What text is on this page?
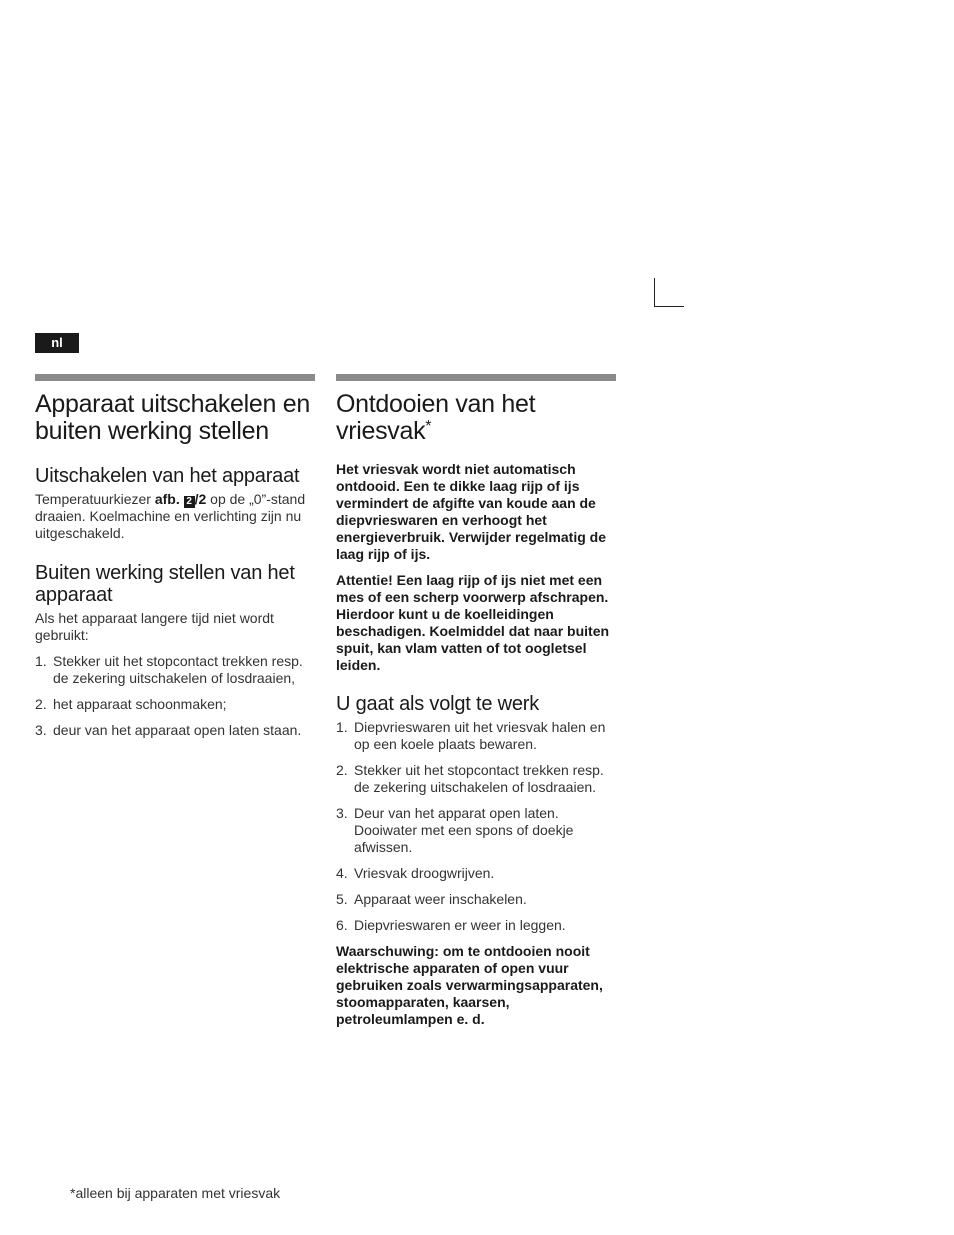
nl
Apparaat uitschakelen en buiten werking stellen
Uitschakelen van het apparaat

Temperatuurkiezer afb. 2 /2 op de „0”-stand draaien. Koelmachine en verlichting zijn nu uitgeschakeld.

Buiten werking stellen van het apparaat

Als het apparaat langere tijd niet wordt gebruikt:

1. Stekker uit het stopcontact trekken resp. de zekering uitschakelen of losdraaien,
2. het apparaat schoonmaken;
3. deur van het apparaat open laten staan.
Ontdooien van het vriesvak*

Het vriesvak wordt niet automatisch ontdooid. Een te dikke laag rijp of ijs vermindert de afgifte van koude aan de diepvrieswaren en verhoogt het energieverbruik. Verwijder regelmatig de laag rijp of ijs.

Attentie! Een laag rijp of ijs niet met een mes of een scherp voorwerp afschrapen. Hierdoor kunt u de koelleidingen beschadigen. Koelmiddel dat naar buiten spuit, kan vlam vatten of tot oogletsel leiden.

U gaat als volgt te werk
1. Diepvrieswaren uit het vriesvak halen en op een koele plaats bewaren.
2. Stekker uit het stopcontact trekken resp. de zekering uitschakelen of losdraaien.
3. Deur van het apparat open laten. Dooiwater met een spons of doekje afwissen.
4. Vriesvak droogwrijven.
5. Apparaat weer inschakelen.
6. Diepvrieswaren er weer in leggen.

Waarschuwing: om te ontdooien nooit elektrische apparaten of open vuur gebruiken zoals verwarmingsapparaten, stoomapparaten, kaarsen, petroleumlampen e. d.

*alleen bij apparaten met vriesvak
